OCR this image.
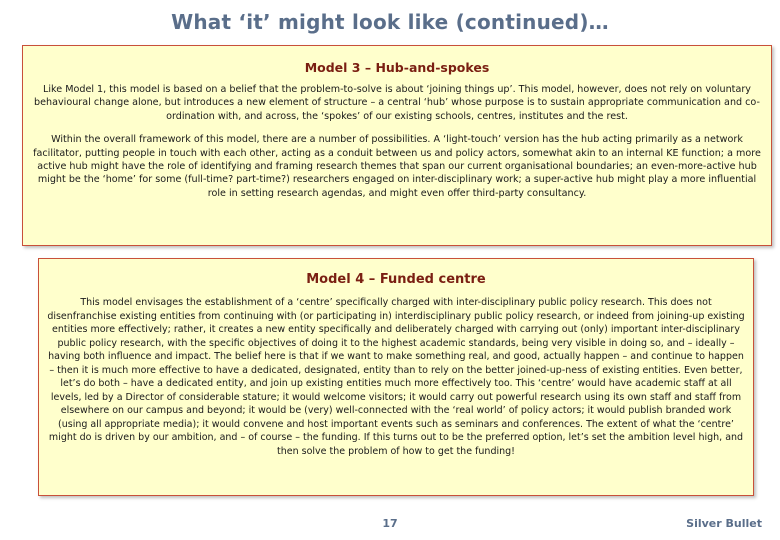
What ‘it’ might look like (continued)…
Model 3 – Hub-and-spokes

Like Model 1, this model is based on a belief that the problem-to-solve is about ‘joining things up’. This model, however, does not rely on voluntary behavioural change alone, but introduces a new element of structure – a central ‘hub’ whose purpose is to sustain appropriate communication and co-ordination with, and across, the ‘spokes’ of our existing schools, centres, institutes and the rest.

Within the overall framework of this model, there are a number of possibilities. A ‘light-touch’ version has the hub acting primarily as a network facilitator, putting people in touch with each other, acting as a conduit between us and policy actors, somewhat akin to an internal KE function; a more active hub might have the role of identifying and framing research themes that span our current organisational boundaries; an even-more-active hub might be the ‘home’ for some (full-time? part-time?) researchers engaged on inter-disciplinary work; a super-active hub might play a more influential role in setting research agendas, and might even offer third-party consultancy.

Model 4 – Funded centre

This model envisages the establishment of a ‘centre’ specifically charged with inter-disciplinary public policy research. This does not disenfranchise existing entities from continuing with (or participating in) interdisciplinary public policy research, or indeed from joining-up existing entities more effectively; rather, it creates a new entity specifically and deliberately charged with carrying out (only) important inter-disciplinary public policy research, with the specific objectives of doing it to the highest academic standards, being very visible in doing so, and – ideally – having both influence and impact. The belief here is that if we want to make something real, and good, actually happen – and continue to happen – then it is much more effective to have a dedicated, designated, entity than to rely on the better joined-up-ness of existing entities. Even better, let’s do both – have a dedicated entity, and join up existing entities much more effectively too. This ‘centre’ would have academic staff at all levels, led by a Director of considerable stature; it would welcome visitors; it would carry out powerful research using its own staff and staff from elsewhere on our campus and beyond; it would be (very) well-connected with the ‘real world’ of policy actors; it would publish branded work (using all appropriate media); it would convene and host important events such as seminars and conferences. The extent of what the ‘centre’ might do is driven by our ambition, and – of course – the funding. If this turns out to be the preferred option, let’s set the ambition level high, and then solve the problem of how to get the funding!

17	Silver Bullet
